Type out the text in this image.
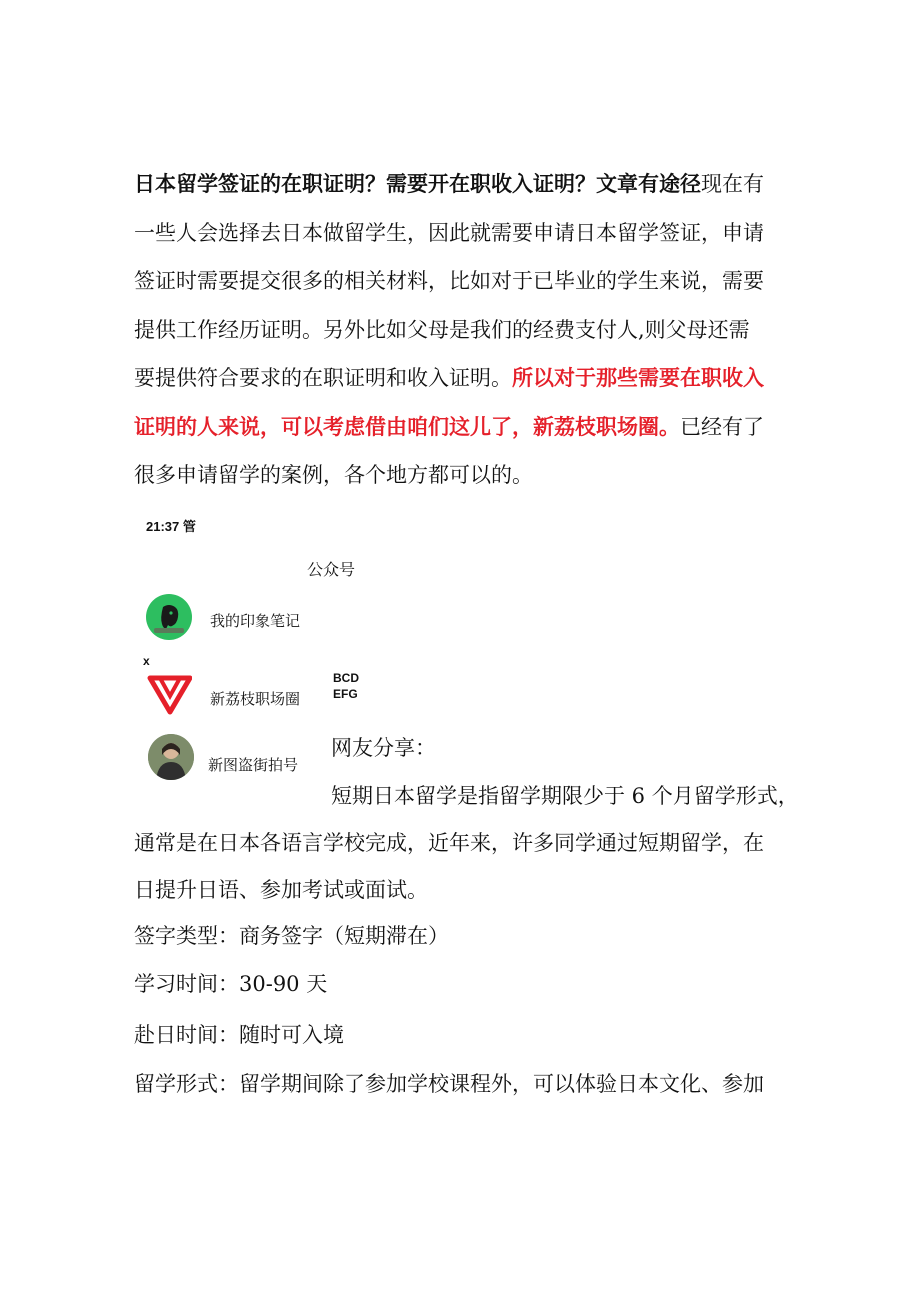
日本留学签证的在职证明？需要开在职收入证明？文章有途径现在有
一些人会选择去日本做留学生，因此就需要申请日本留学签证，申请
签证时需要提交很多的相关材料，比如对于已毕业的学生来说，需要
提供工作经历证明。另外比如父母是我们的经费支付人,则父母还需
要提供符合要求的在职证明和收入证明。所以对于那些需要在职收入
证明的人来说，可以考虑借由咱们这儿了，新荔枝职场圈。已经有了
很多申请留学的案例，各个地方都可以的。
21:37 管
公众号
我的印象笔记
x
新荔枝职场圈
BCD
EFG
新图盗街拍号
网友分享：
短期日本留学是指留学期限少于 6 个月留学形式，
通常是在日本各语言学校完成，近年来，许多同学通过短期留学，在
日提升日语、参加考试或面试。
签字类型：商务签字（短期滞在）
学习时间：30-90 天
赴日时间：随时可入境
留学形式：留学期间除了参加学校课程外，可以体验日本文化、参加
